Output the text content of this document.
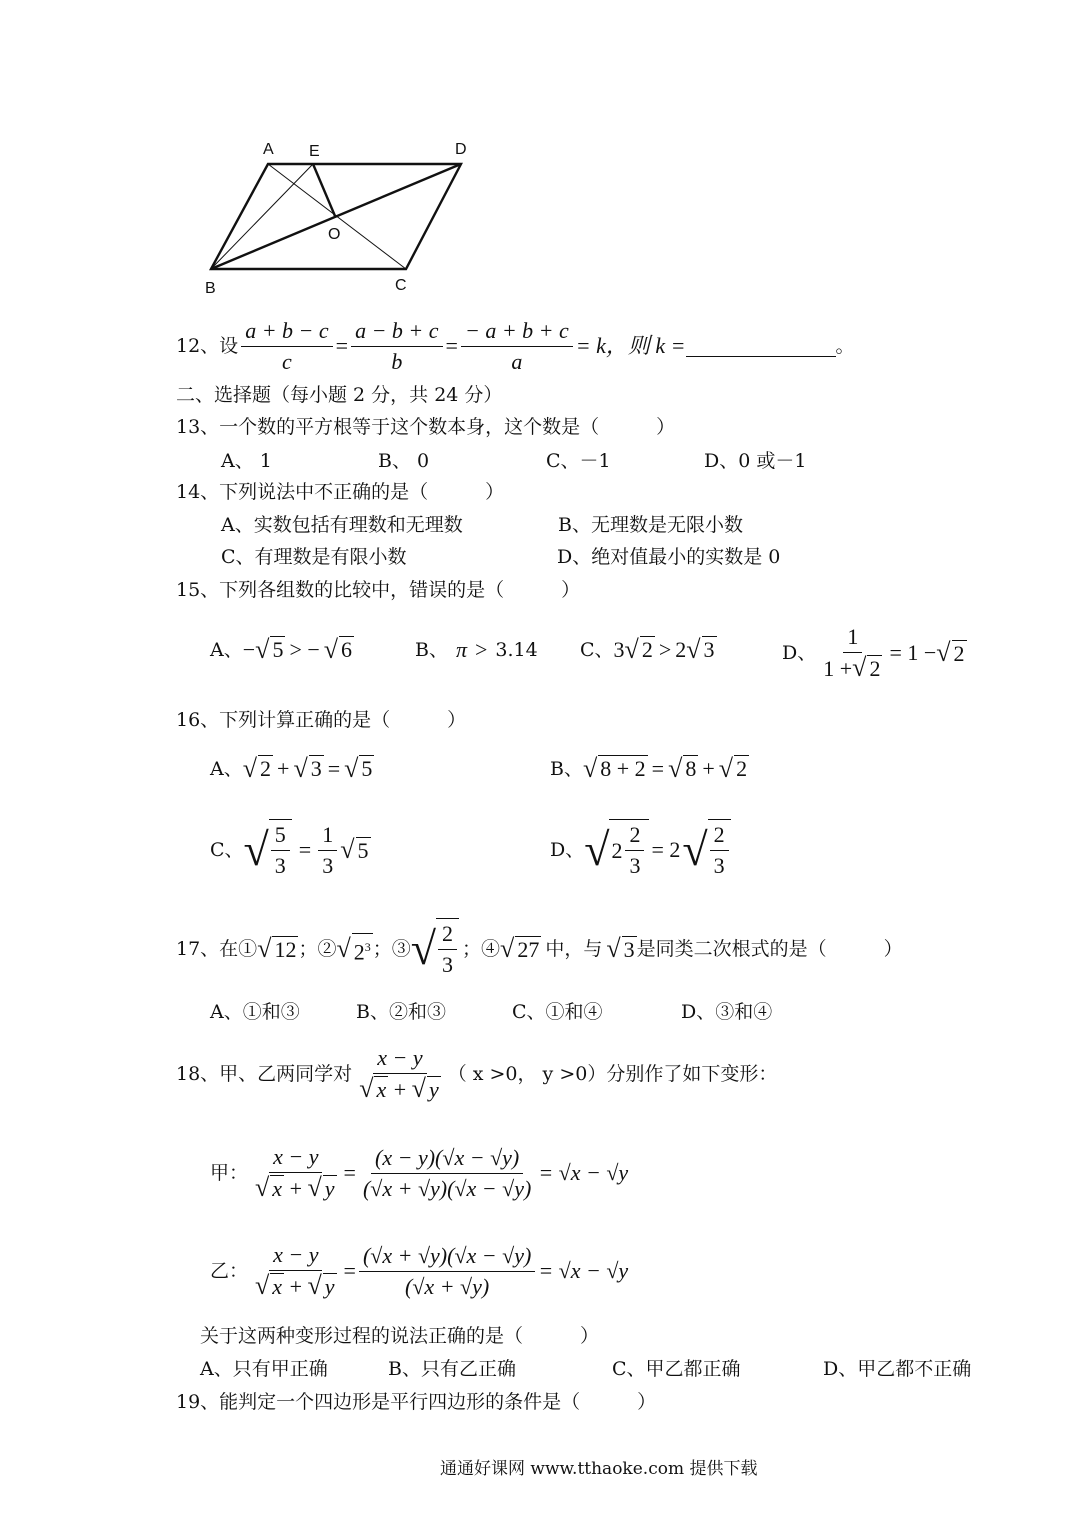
A E	D
O
B	C
12、设 $\frac{a + b - c}{c} = \frac{a - b + c}{b} = \frac{- a + b + c}{a} = k$，则 k =	。
二、选择题（每小题 2 分，共 24 分）
13、一个数的平方根等于这个数本身，这个数是（　　　）
A、 1	B、 0	C、－1	D、0 或－1
14、下列说法中不正确的是（　　　）
A、实数包括有理数和无理数	B、无理数是无限小数
C、有理数是有限小数	D、绝对值最小的实数是 0
15、下列各组数的比较中，错误的是（　　　）
A、 − √ 5 > − √ 6	B、 π > 3.14 C、 3 √ 2 > 2 √ 3	D、 $\frac{1}{1 +√ 2} = 1$ − √ 2
16、下列计算正确的是（　　　）
A、 √ 2 + √ 3 = √ 5	B、 √ 8 + 2 = √ 8 + √ 2
C、 √ $\frac{5}{3} = \frac{1}{3}$ √ 5	D、 √ $2 \frac{2}{3} = 2$ √ $\frac{2}{3}$
17、在① √ 12 ；② √ $2^3$ ；③ √ $\frac{2}{3}$ ；④ √ 27 中，与 √ 3 是同类二次根式的是（　　　）
A、①和③	B、②和③	C、①和④	D、③和④
18、甲、乙两同学对 $\frac{x - y}{√ x + √ y}$ （ x >0， y >0）分别作了如下变形：
甲： $\frac{x - y}{√ x + √ y} = \frac{(x - y)(√x - √y)}{(√x + √y)(√x - √y)} = √x - √y$
乙： $\frac{x - y}{√ x + √ y} = \frac{(√x + √y)(√x - √y)}{(√x + √y)} = √x - √y$
关于这两种变形过程的说法正确的是（　　　）
A、只有甲正确	B、只有乙正确	C、甲乙都正确	D、甲乙都不正确
19、能判定一个四边形是平行四边形的条件是（　　　）
通通好课网 www.tthaoke.com 提供下载
